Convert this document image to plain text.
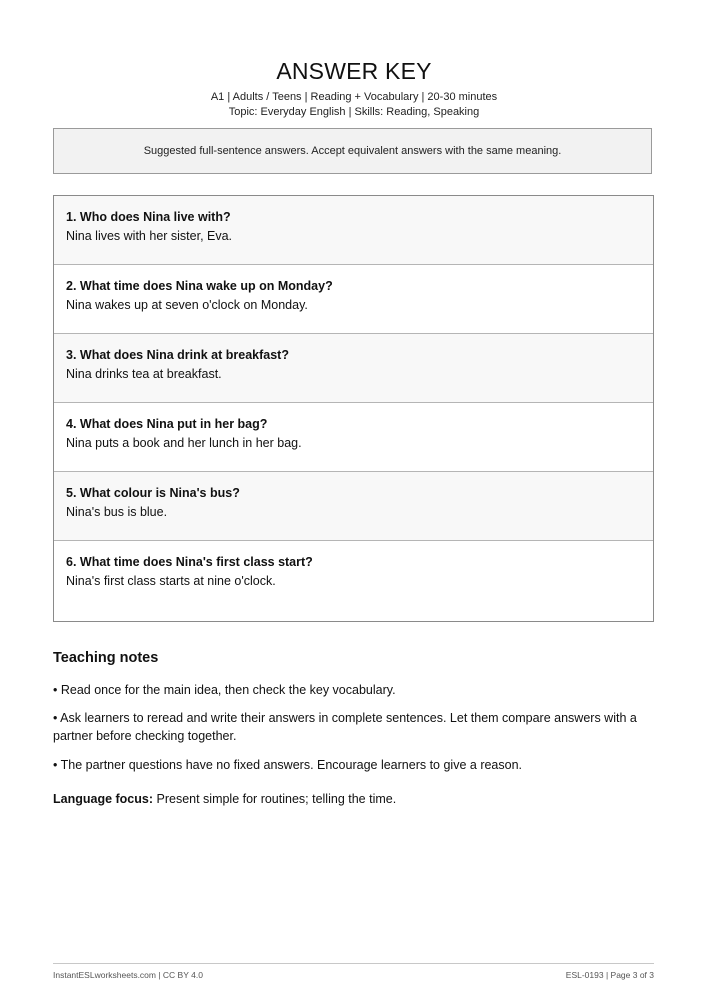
ANSWER KEY
A1 | Adults / Teens | Reading + Vocabulary | 20-30 minutes
Topic: Everyday English | Skills: Reading, Speaking
Suggested full-sentence answers. Accept equivalent answers with the same meaning.
1. Who does Nina live with?
Nina lives with her sister, Eva.
2. What time does Nina wake up on Monday?
Nina wakes up at seven o'clock on Monday.
3. What does Nina drink at breakfast?
Nina drinks tea at breakfast.
4. What does Nina put in her bag?
Nina puts a book and her lunch in her bag.
5. What colour is Nina's bus?
Nina's bus is blue.
6. What time does Nina's first class start?
Nina's first class starts at nine o'clock.
Teaching notes
• Read once for the main idea, then check the key vocabulary.
• Ask learners to reread and write their answers in complete sentences. Let them compare answers with a partner before checking together.
• The partner questions have no fixed answers. Encourage learners to give a reason.
Language focus: Present simple for routines; telling the time.
InstantESLworksheets.com | CC BY 4.0	ESL-0193 | Page 3 of 3
